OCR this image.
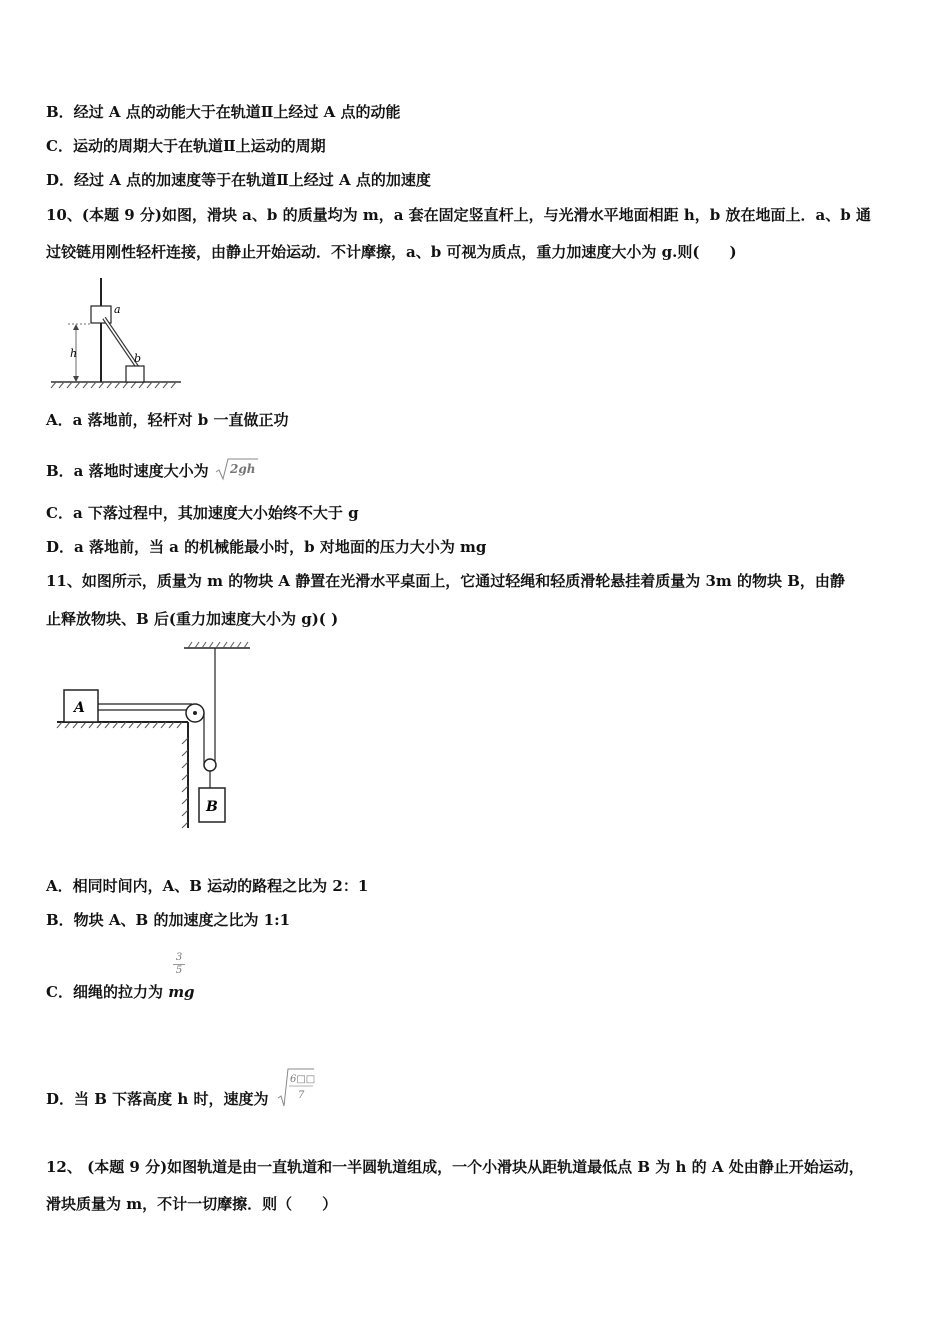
B．经过 A 点的动能大于在轨道Ⅱ上经过 A 点的动能
C．运动的周期大于在轨道Ⅱ上运动的周期
D．经过 A 点的加速度等于在轨道Ⅱ上经过 A 点的加速度
10、(本题 9 分)如图，滑块 a、b 的质量均为 m，a 套在固定竖直杆上，与光滑水平地面相距 h，b 放在地面上．a、b 通
过铰链用刚性轻杆连接，由静止开始运动．不计摩擦，a、b 可视为质点，重力加速度大小为 g.则(　　)
h
a
b
A．a 落地前，轻杆对 b 一直做正功
B．a 落地时速度大小为 2gh
C．a 下落过程中，其加速度大小始终不大于 g
D．a 落地前，当 a 的机械能最小时，b 对地面的压力大小为 mg
11、如图所示，质量为 m 的物块 A 静置在光滑水平桌面上，它通过轻绳和轻质滑轮悬挂着质量为 3m 的物块 B，由静
止释放物块、B 后(重力加速度大小为 g)( )
A
B
A．相同时间内，A、B 运动的路程之比为 2：1
B．物块 A、B 的加速度之比为 1:1
3
5
C．细绳的拉力为 mg
D．当 B 下落高度 h 时，速度为
6□□
7
12、 (本题 9 分)如图轨道是由一直轨道和一半圆轨道组成，一个小滑块从距轨道最低点 B 为 h 的 A 处由静止开始运动，
滑块质量为 m，不计一切摩擦．则（　　）
